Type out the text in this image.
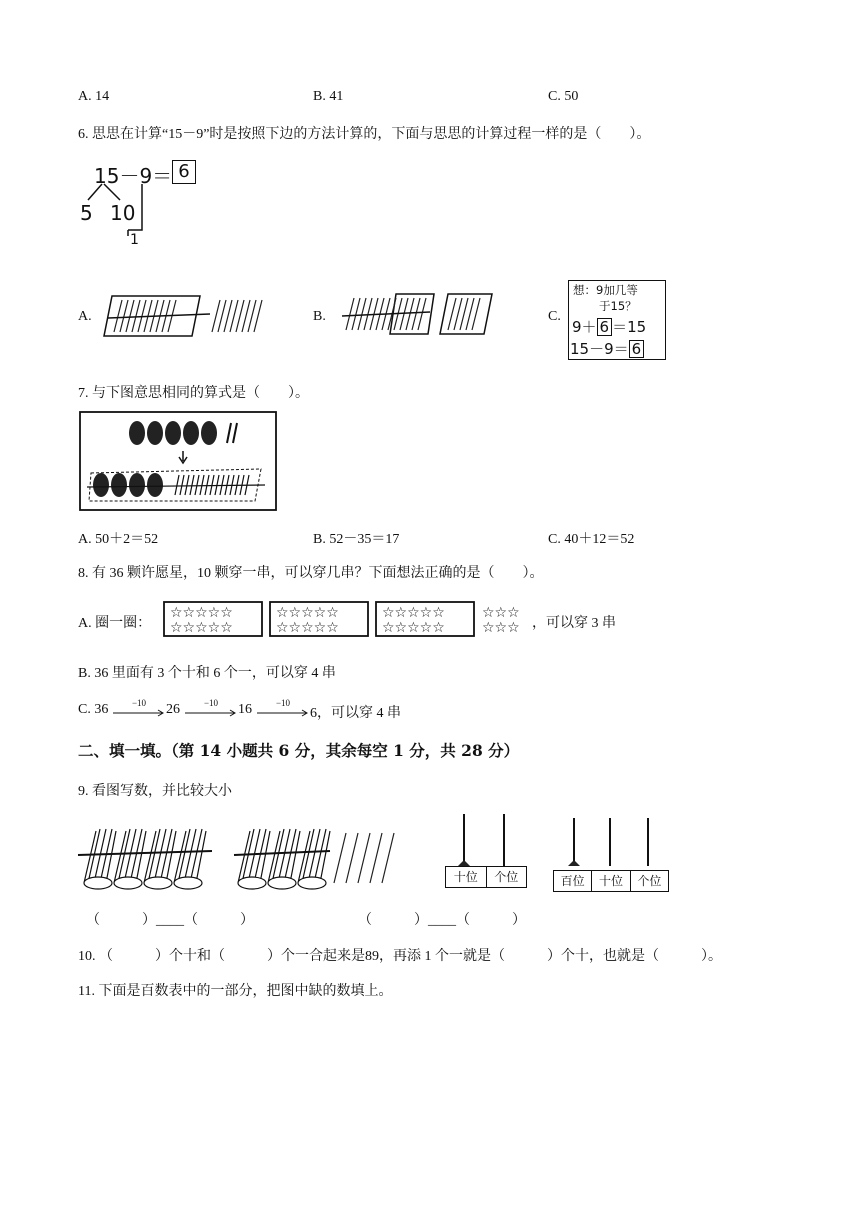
A. 14	B. 41	C. 50
6. 思思在计算“15－9”时是按照下边的方法计算的，下面与思思的计算过程一样的是（　　）。
15－9＝ 6
5 10
1
A.	B.	C.
想：9加几等
于15？
9＋ 6 ＝15
15－9＝ 6
7. 与下图意思相同的算式是（　　）。
A. 50＋2＝52	B. 52－35＝17	C. 40＋12＝52
8. 有 36 颗许愿星，10 颗穿一串，可以穿几串？下面想法正确的是（　　）。
A. 圈一圈：
☆☆☆☆☆
☆☆☆☆☆
☆☆☆☆☆
☆☆☆☆☆
☆☆☆☆☆
☆☆☆☆☆
☆☆☆
☆☆☆ ，可以穿 3 串
B. 36 里面有 3 个十和 6 个一，可以穿 4 串
C. 36	−10	26	−10	16	−10
6，可以穿 4 串
二、填一填。（第 14 小题共 6 分，其余每空 1 分，共 28 分）
9. 看图写数，并比较大小
十位	个位	百位	十位	个位
（　　　）____（　　　）	（　　　）____（　　　）
10. （　　　）个十和（　　　）个一合起来是89，再添 1 个一就是（　　　）个十，也就是（　　　）。
11. 下面是百数表中的一部分，把图中缺的数填上。
